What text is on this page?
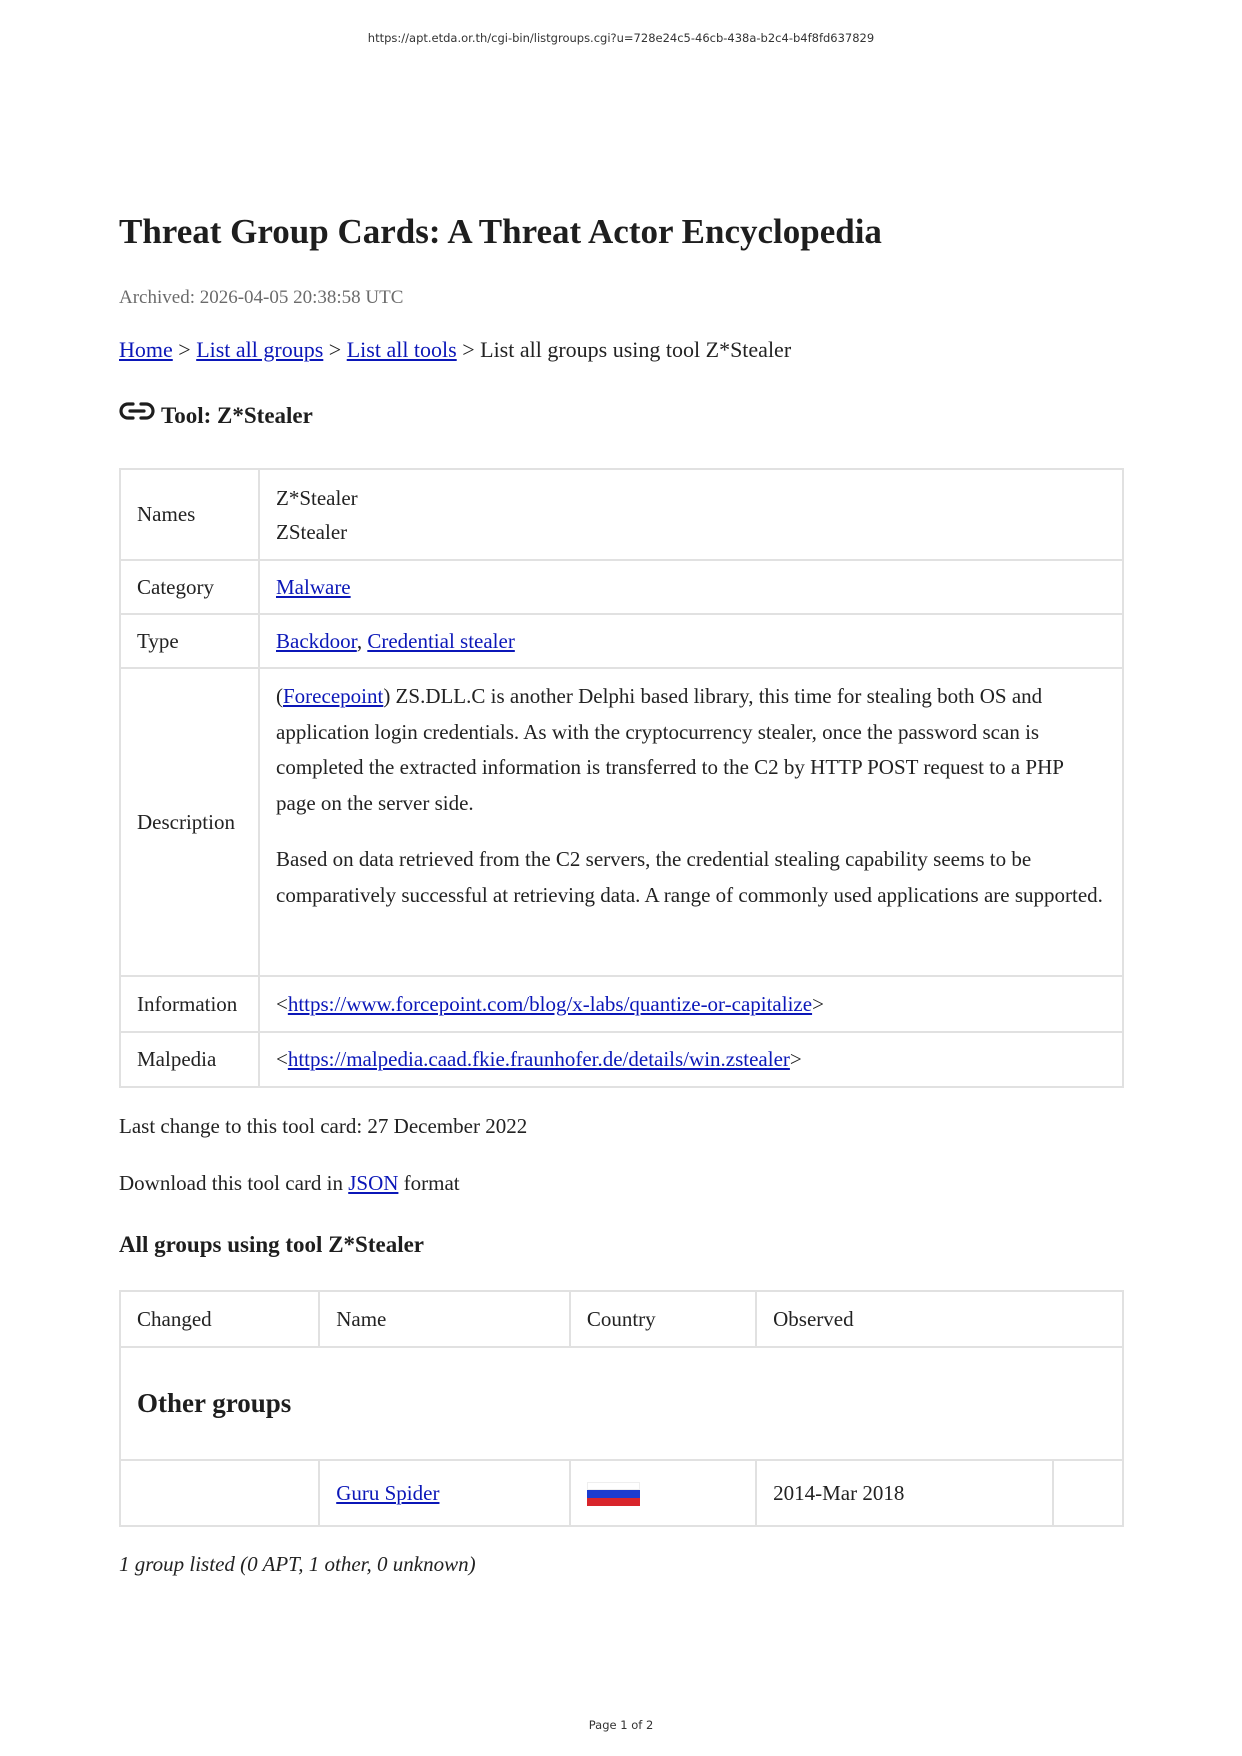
https://apt.etda.or.th/cgi-bin/listgroups.cgi?u=728e24c5-46cb-438a-b2c4-b4f8fd637829
Threat Group Cards: A Threat Actor Encyclopedia
Archived: 2026-04-05 20:38:58 UTC
Home > List all groups > List all tools > List all groups using tool Z*Stealer
Tool: Z*Stealer
Names	Z*Stealer
ZStealer

Category	Malware
Type	Backdoor, Credential stealer
Description	(Forecepoint) ZS.DLL.C is another Delphi based library, this time for stealing both OS and application login credentials. As with the cryptocurrency stealer, once the password scan is completed the extracted information is transferred to the C2 by HTTP POST request to a PHP page on the server side.

Based on data retrieved from the C2 servers, the credential stealing capability seems to be comparatively successful at retrieving data. A range of commonly used applications are supported.

Information	<https://www.forcepoint.com/blog/x-labs/quantize-or-capitalize>
Malpedia	<https://malpedia.caad.fkie.fraunhofer.de/details/win.zstealer>
Last change to this tool card: 27 December 2022
Download this tool card in JSON format
All groups using tool Z*Stealer
Changed	Name	Country	Observed	
Other groups				
	Guru Spider		2014-Mar 2018	
1 group listed (0 APT, 1 other, 0 unknown)
Page 1 of 2
